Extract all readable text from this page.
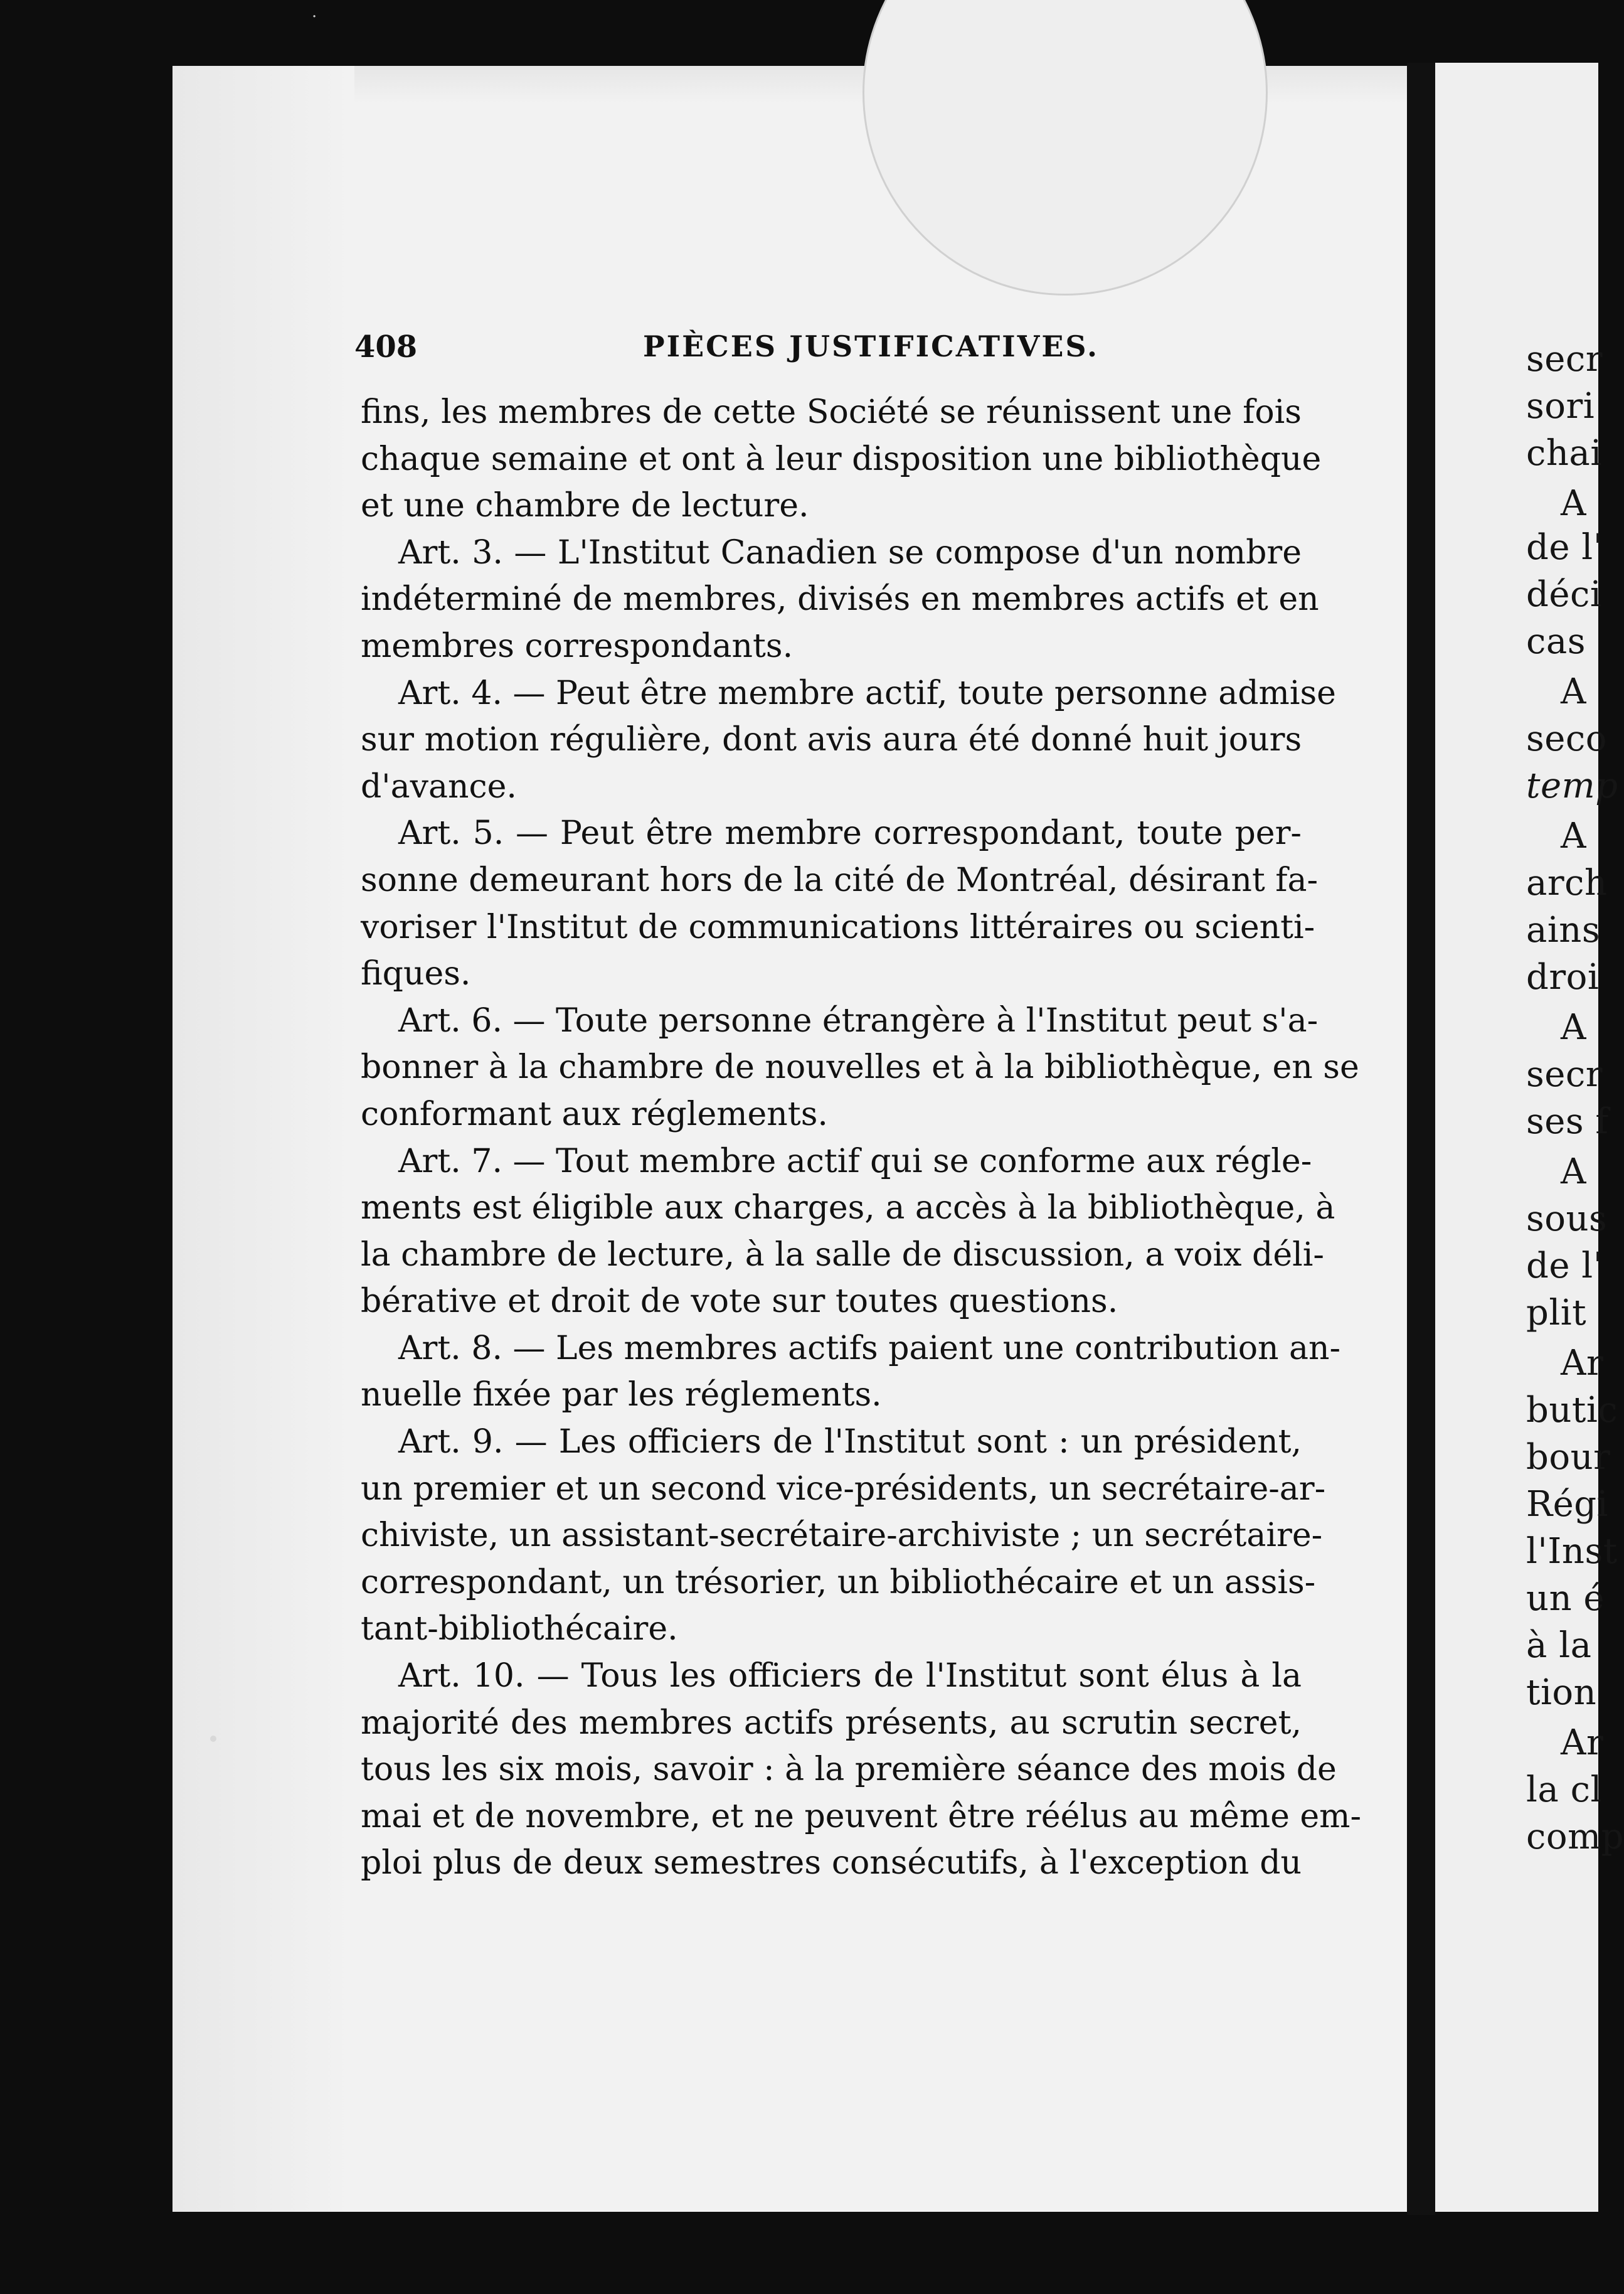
·
secr
sori
chai
A
de l'
déci
cas
A
seco
temp
A
arch
ains
droi
A
secr
ses f
A
sous
de l'
plit
Ar
butic
bour
Régi
l'Inst
un é
à la
tion
Ar
la cl
comp
408	PIÈCES JUSTIFICATIVES.
fins, les membres de cette Société se réunissent une fois
chaque semaine et ont à leur disposition une bibliothèque
et une chambre de lecture.
Art. 3. — L'Institut Canadien se compose d'un nombre
indéterminé de membres, divisés en membres actifs et en
membres correspondants.
Art. 4. — Peut être membre actif, toute personne admise
sur motion régulière, dont avis aura été donné huit jours
d'avance.
Art. 5. — Peut être membre correspondant, toute per-
sonne demeurant hors de la cité de Montréal, désirant fa-
voriser l'Institut de communications littéraires ou scienti-
fiques.
Art. 6. — Toute personne étrangère à l'Institut peut s'a-
bonner à la chambre de nouvelles et à la bibliothèque, en se
conformant aux réglements.
Art. 7. — Tout membre actif qui se conforme aux régle-
ments est éligible aux charges, a accès à la bibliothèque, à
la chambre de lecture, à la salle de discussion, a voix déli-
bérative et droit de vote sur toutes questions.
Art. 8. — Les membres actifs paient une contribution an-
nuelle fixée par les réglements.
Art. 9. — Les officiers de l'Institut sont : un président,
un premier et un second vice-présidents, un secrétaire-ar-
chiviste, un assistant-secrétaire-archiviste ; un secrétaire-
correspondant, un trésorier, un bibliothécaire et un assis-
tant-bibliothécaire.
Art. 10. — Tous les officiers de l'Institut sont élus à la
majorité des membres actifs présents, au scrutin secret,
tous les six mois, savoir : à la première séance des mois de
mai et de novembre, et ne peuvent être réélus au même em-
ploi plus de deux semestres consécutifs, à l'exception du
